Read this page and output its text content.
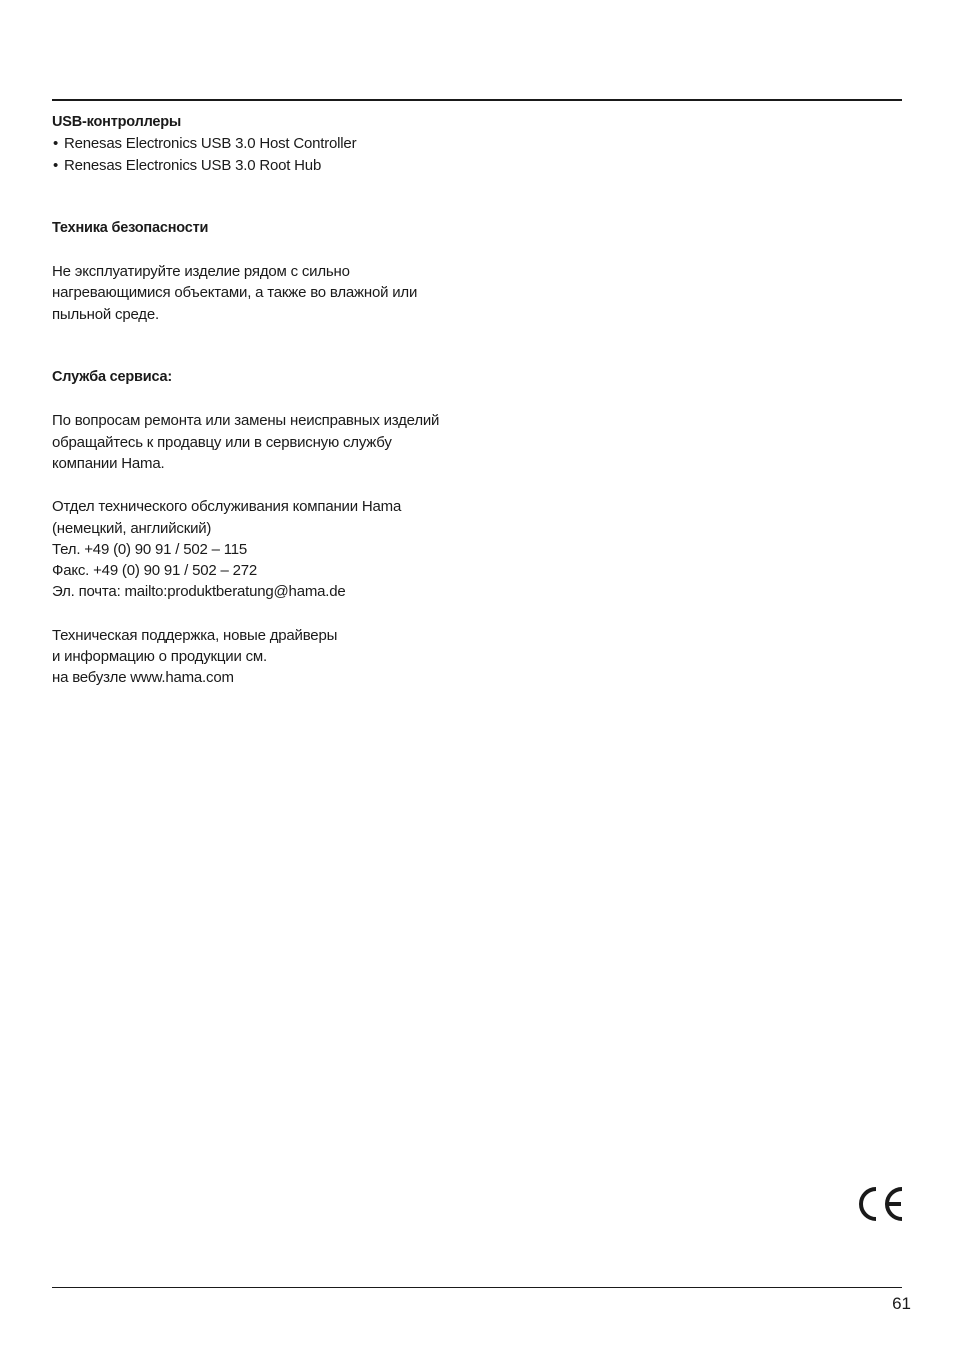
USB-контроллеры
• Renesas Electronics USB 3.0 Host Controller
• Renesas Electronics USB 3.0 Root Hub
Техника безопасности

Не эксплуатируйте изделие рядом с сильно
нагревающимися объектами, а также во влажной или
пыльной среде.

Служба сервиса:

По вопросам ремонта или замены неисправных изделий
обращайтесь к продавцу или в сервисную службу
компании Hama.

Отдел технического обслуживания компании Hama
(немецкий, английский)
Тел. +49 (0) 90 91 / 502 – 115
Факс. +49 (0) 90 91 / 502 – 272
Эл. почта: mailto:produktberatung@hama.de

Техническая поддержка, новые драйверы
и информацию о продукции см.
на вебузле www.hama.com

61
